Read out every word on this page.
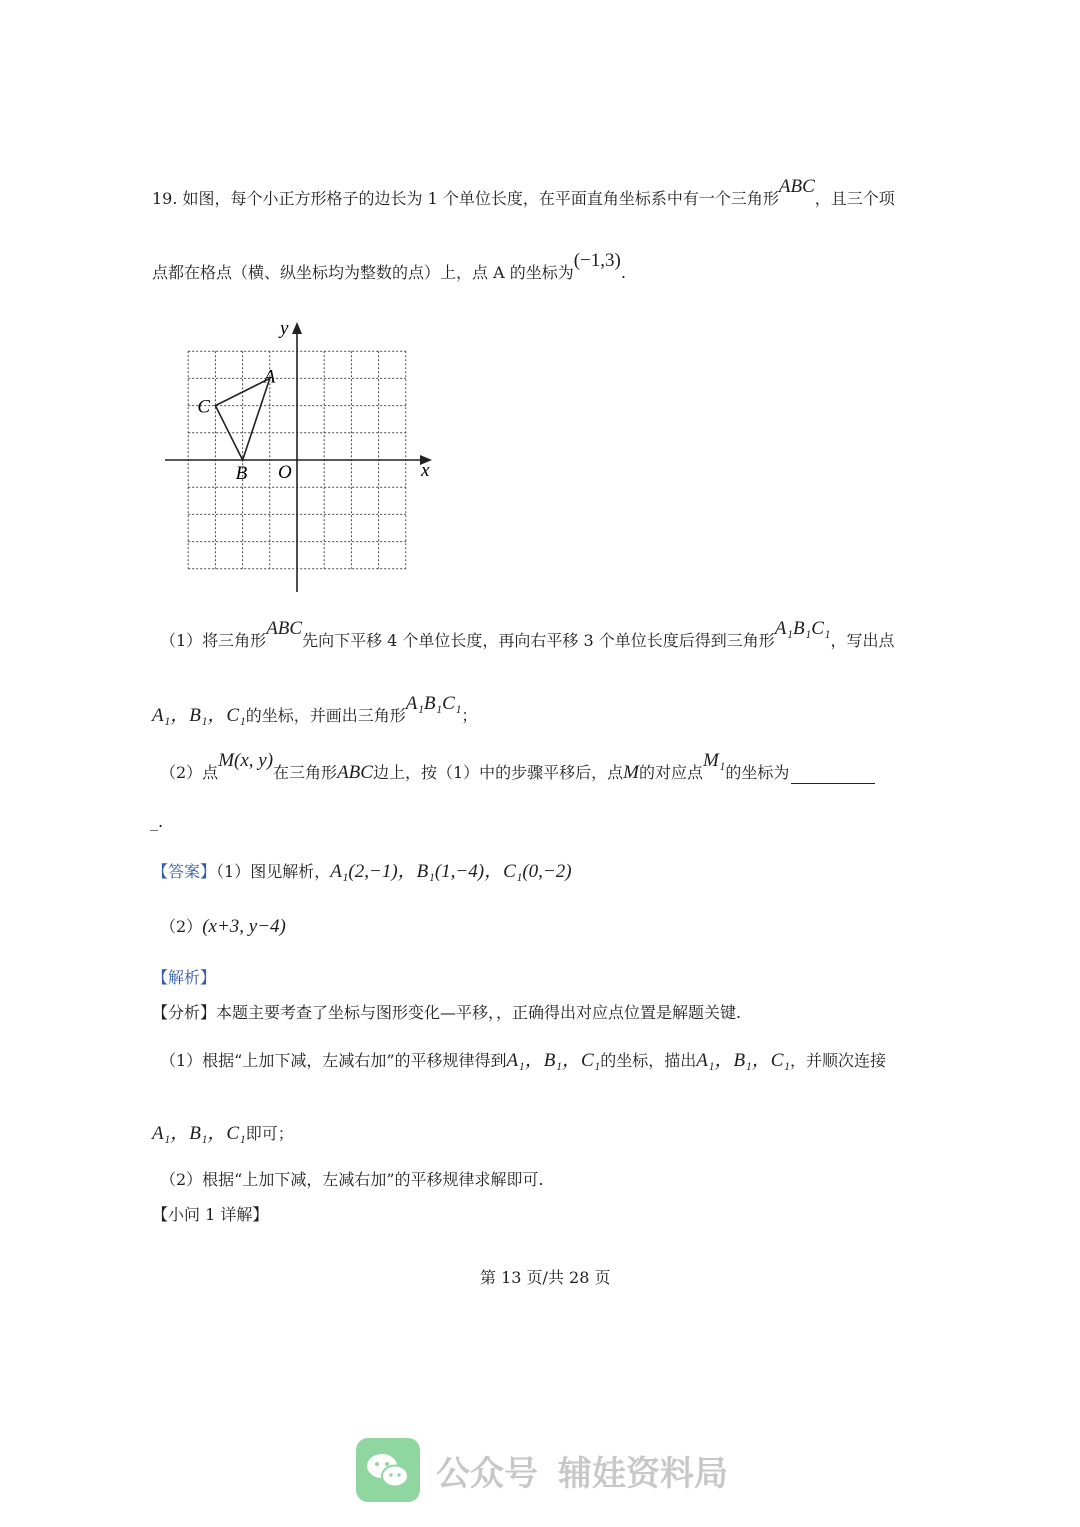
19. 如图，每个小正方形格子的边长为 1 个单位长度，在平面直角坐标系中有一个三角形ABC，且三个项
点都在格点（横、纵坐标均为整数的点）上，点 A 的坐标为(−1,3).
x
y
O
A
B
C
（1）将三角形ABC先向下平移 4 个单位长度，再向右平移 3 个单位长度后得到三角形A₁B₁C₁，写出点
A₁，B₁，C₁的坐标，并画出三角形A₁B₁C₁；
（2）点M(x, y)在三角形ABC边上，按（1）中的步骤平移后，点M的对应点M₁的坐标为
_.
【答案】（1）图见解析，A₁(2,−1)，B₁(1,−4)，C₁(0,−2)
（2）(x+3, y−4)
【解析】
【分析】本题主要考查了坐标与图形变化—平移，，正确得出对应点位置是解题关键.
（1）根据“上加下减，左减右加”的平移规律得到A₁，B₁，C₁的坐标，描出A₁，B₁，C₁，并顺次连接
A₁，B₁，C₁即可；
（2）根据“上加下减，左减右加”的平移规律求解即可.
【小问 1 详解】
第 13 页/共 28 页
公众号 辅娃资料局
